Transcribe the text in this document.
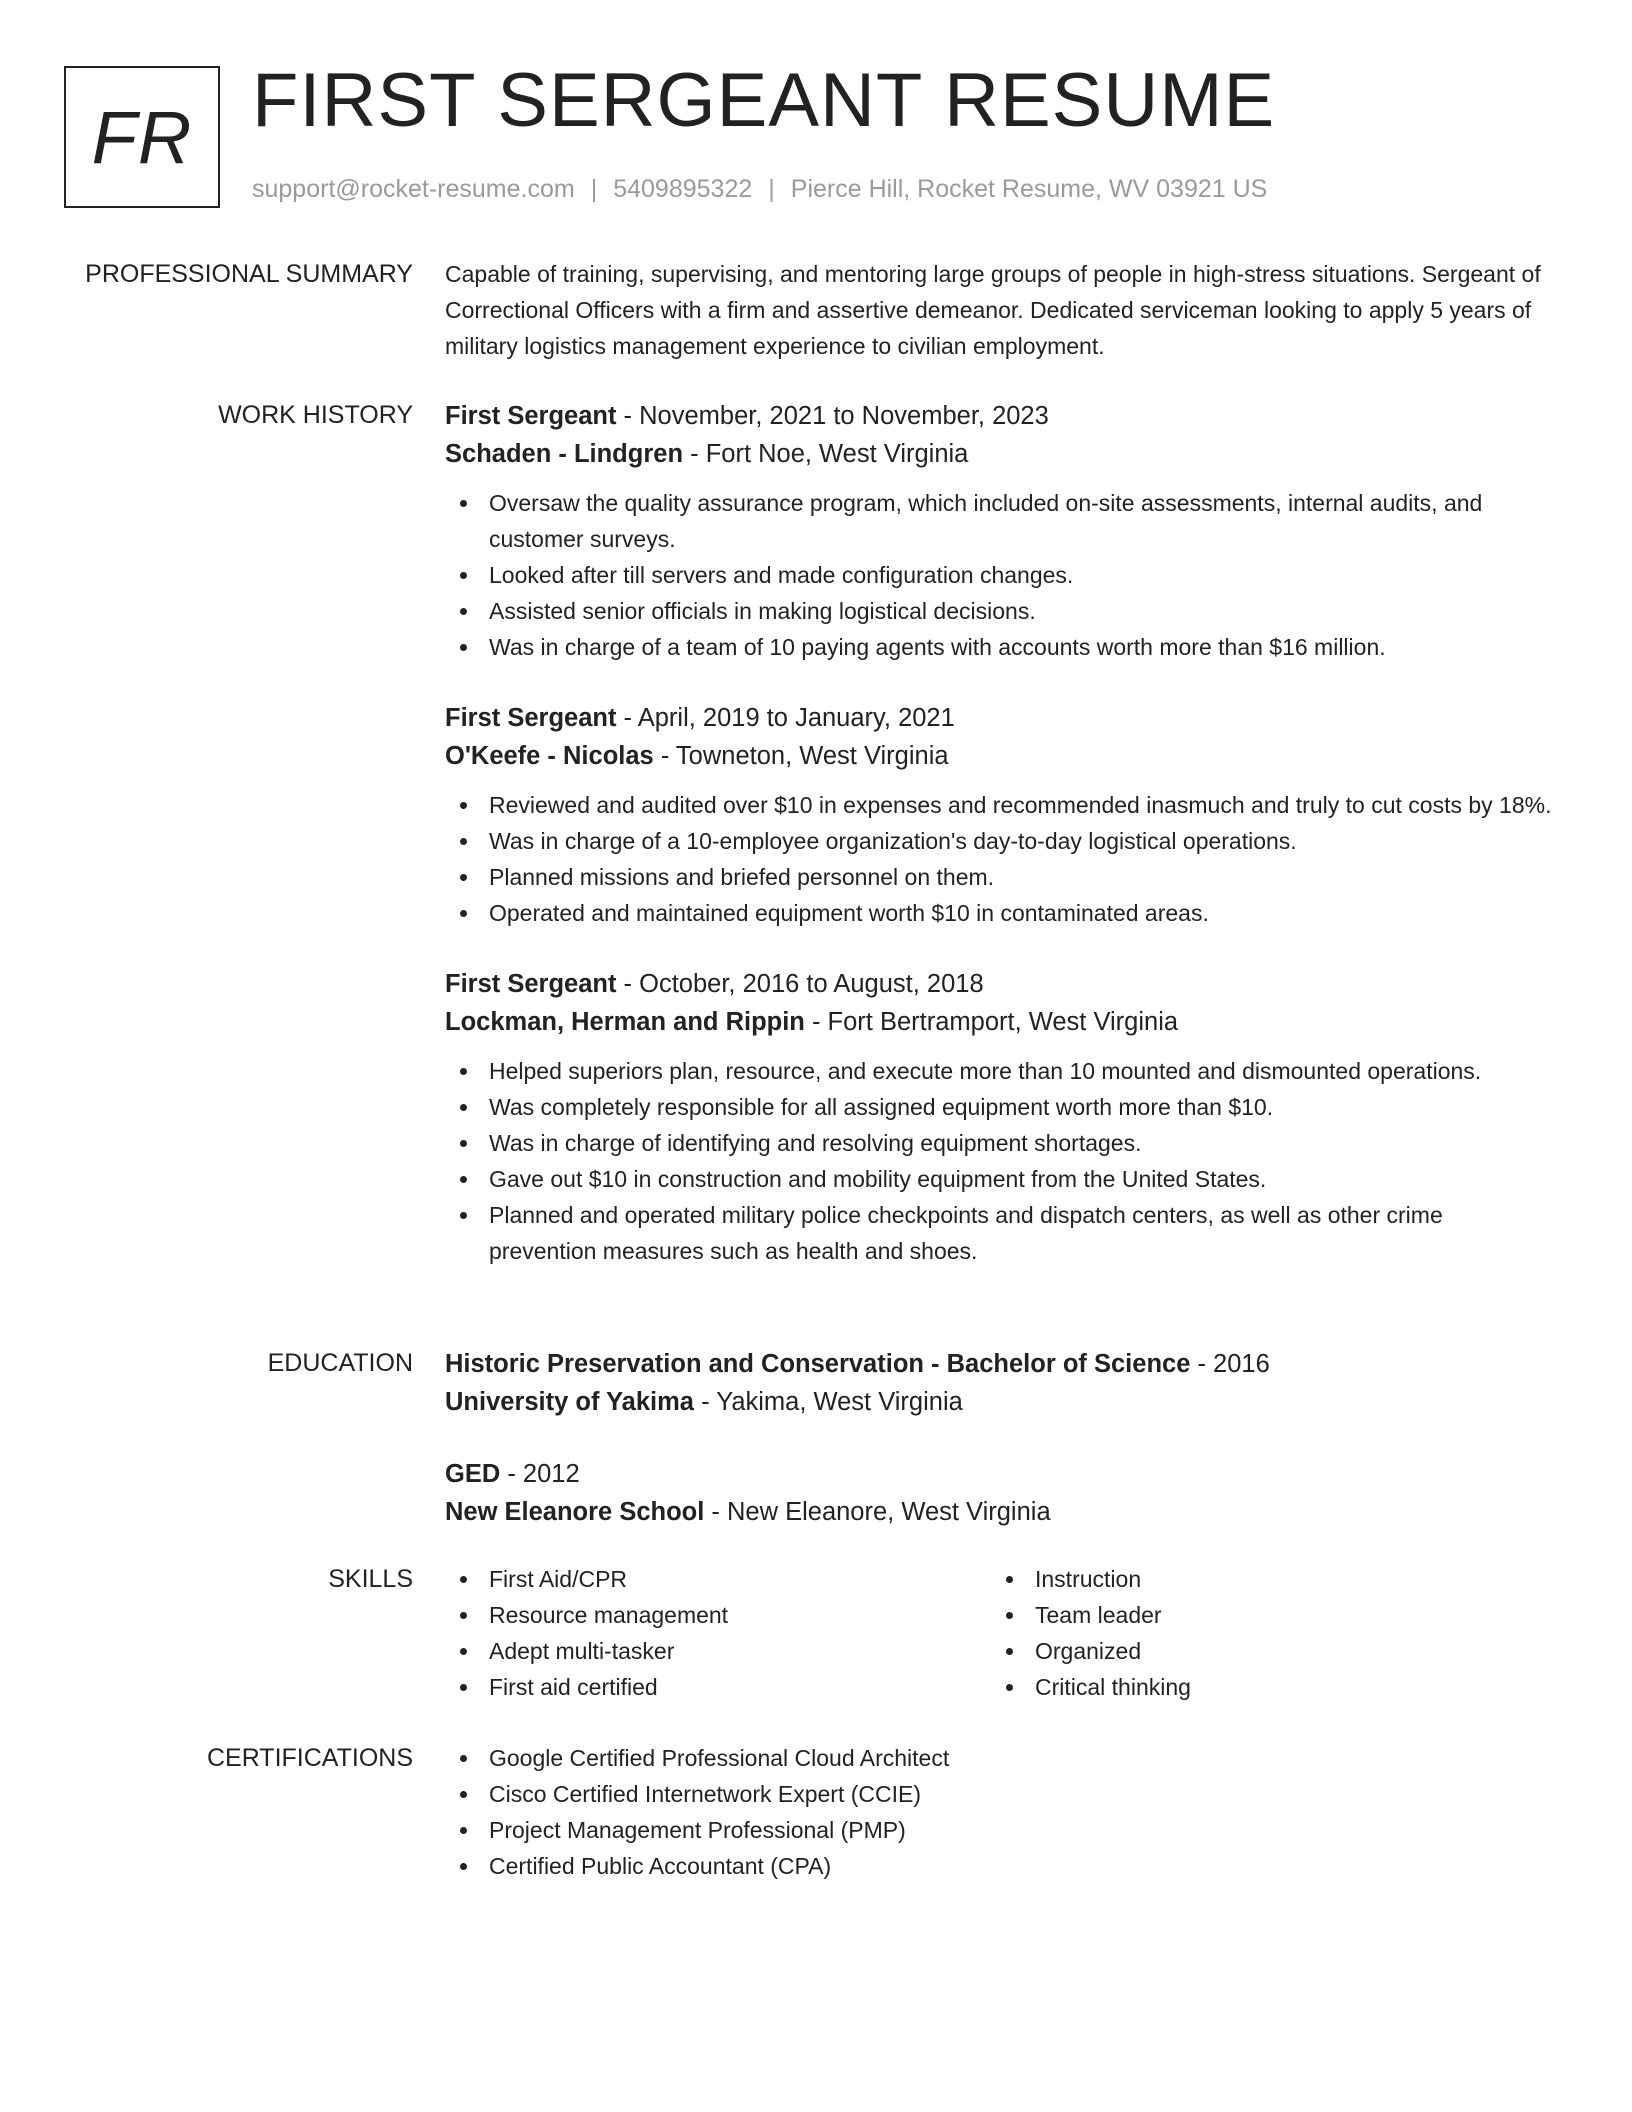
FR FIRST SERGEANT RESUME
support@rocket-resume.com | 5409895322 | Pierce Hill, Rocket Resume, WV 03921 US
PROFESSIONAL SUMMARY Capable of training, supervising, and mentoring large groups of people in high-stress situations. Sergeant of Correctional Officers with a firm and assertive demeanor. Dedicated serviceman looking to apply 5 years of military logistics management experience to civilian employment.

WORK HISTORY First Sergeant - November, 2021 to November, 2023
Schaden - Lindgren - Fort Noe, West Virginia
Oversaw the quality assurance program, which included on-site assessments, internal audits, and customer surveys.
Looked after till servers and made configuration changes.
Assisted senior officials in making logistical decisions.
Was in charge of a team of 10 paying agents with accounts worth more than $16 million.
First Sergeant - April, 2019 to January, 2021
O'Keefe - Nicolas - Towneton, West Virginia
Reviewed and audited over $10 in expenses and recommended inasmuch and truly to cut costs by 18%.
Was in charge of a 10-employee organization's day-to-day logistical operations.
Planned missions and briefed personnel on them.
Operated and maintained equipment worth $10 in contaminated areas.
First Sergeant - October, 2016 to August, 2018
Lockman, Herman and Rippin - Fort Bertramport, West Virginia
Helped superiors plan, resource, and execute more than 10 mounted and dismounted operations.
Was completely responsible for all assigned equipment worth more than $10.
Was in charge of identifying and resolving equipment shortages.
Gave out $10 in construction and mobility equipment from the United States.
Planned and operated military police checkpoints and dispatch centers, as well as other crime prevention measures such as health and shoes.
EDUCATION Historic Preservation and Conservation - Bachelor of Science - 2016
University of Yakima - Yakima, West Virginia
GED - 2012
New Eleanore School - New Eleanore, West Virginia
SKILLS	First Aid/CPR
Resource management
Adept multi-tasker
First aid certified
Instruction
Team leader
Organized
Critical thinking
CERTIFICATIONS	Google Certified Professional Cloud Architect
Cisco Certified Internetwork Expert (CCIE)
Project Management Professional (PMP)
Certified Public Accountant (CPA)
